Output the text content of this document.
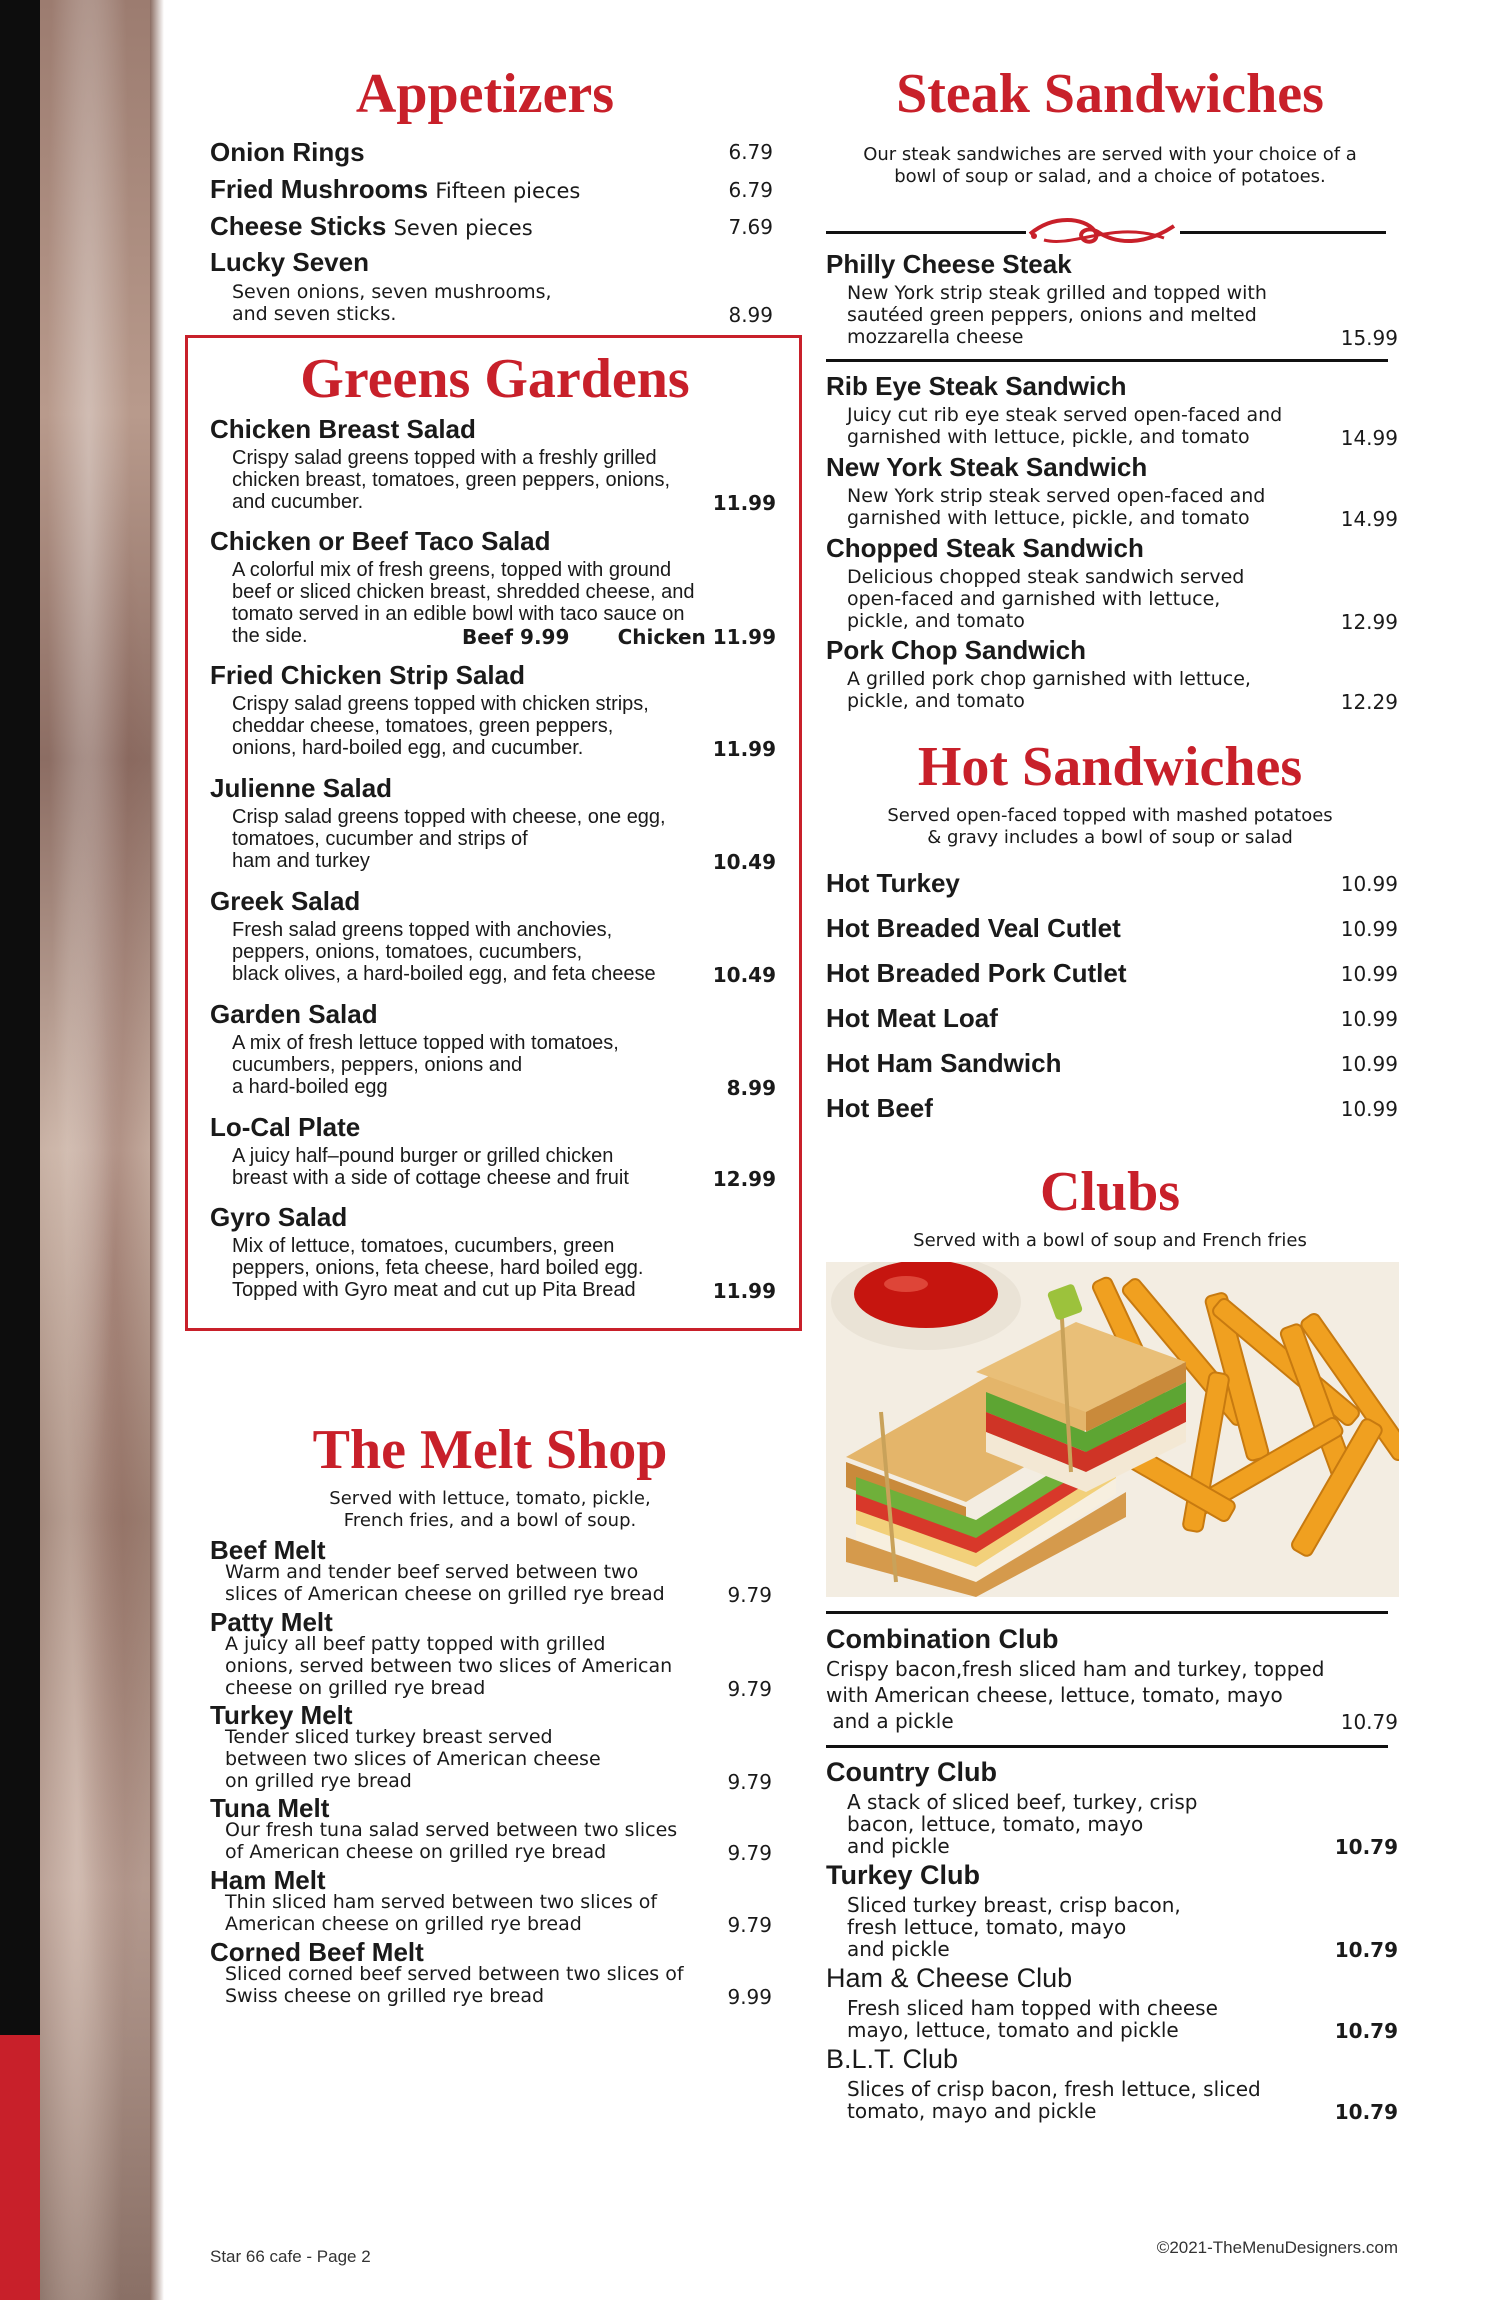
Appetizers
Onion Rings	6.79
Fried Mushrooms Fifteen pieces	6.79
Cheese Sticks Seven pieces	7.69
Lucky Seven
Seven onions, seven mushrooms,
and seven sticks.	8.99
Greens Gardens
Chicken Breast Salad
Crispy salad greens topped with a freshly grilled
chicken breast, tomatoes, green peppers, onions,
and cucumber.	11.99
Chicken or Beef Taco Salad
A colorful mix of fresh greens, topped with ground
beef or sliced chicken breast, shredded cheese, and
tomato served in an edible bowl with taco sauce on
the side.	Beef 9.99 Chicken 11.99
Fried Chicken Strip Salad
Crispy salad greens topped with chicken strips,
cheddar cheese, tomatoes, green peppers,
onions, hard-boiled egg, and cucumber.	11.99
Julienne Salad
Crisp salad greens topped with cheese, one egg,
tomatoes, cucumber and strips of
ham and turkey	10.49
Greek Salad
Fresh salad greens topped with anchovies,
peppers, onions, tomatoes, cucumbers,
black olives, a hard-boiled egg, and feta cheese	10.49
Garden Salad
A mix of fresh lettuce topped with tomatoes,
cucumbers, peppers, onions and
a hard-boiled egg	8.99
Lo-Cal Plate
A juicy half–pound burger or grilled chicken
breast with a side of cottage cheese and fruit	12.99
Gyro Salad
Mix of lettuce, tomatoes, cucumbers, green
peppers, onions, feta cheese, hard boiled egg.
Topped with Gyro meat and cut up Pita Bread	11.99
The Melt Shop
Served with lettuce, tomato, pickle,
French fries, and a bowl of soup.
Beef Melt
Warm and tender beef served between two
slices of American cheese on grilled rye bread	9.79
Patty Melt
A juicy all beef patty topped with grilled
onions, served between two slices of American
cheese on grilled rye bread	9.79
Turkey Melt
Tender sliced turkey breast served
between two slices of American cheese
on grilled rye bread	9.79
Tuna Melt
Our fresh tuna salad served between two slices
of American cheese on grilled rye bread	9.79
Ham Melt
Thin sliced ham served between two slices of
American cheese on grilled rye bread	9.79
Corned Beef Melt
Sliced corned beef served between two slices of
Swiss cheese on grilled rye bread	9.99
Steak Sandwiches
Our steak sandwiches are served with your choice of a
bowl of soup or salad, and a choice of potatoes.
Philly Cheese Steak
New York strip steak grilled and topped with
sautéed green peppers, onions and melted
mozzarella cheese	15.99
Rib Eye Steak Sandwich
Juicy cut rib eye steak served open-faced and
garnished with lettuce, pickle, and tomato	14.99
New York Steak Sandwich
New York strip steak served open-faced and
garnished with lettuce, pickle, and tomato	14.99
Chopped Steak Sandwich
Delicious chopped steak sandwich served
open-faced and garnished with lettuce,
pickle, and tomato	12.99
Pork Chop Sandwich
A grilled pork chop garnished with lettuce,
pickle, and tomato	12.29
Hot Sandwiches
Served open-faced topped with mashed potatoes
& gravy includes a bowl of soup or salad
Hot Turkey	10.99
Hot Breaded Veal Cutlet	10.99
Hot Breaded Pork Cutlet	10.99
Hot Meat Loaf	10.99
Hot Ham Sandwich	10.99
Hot Beef	10.99
Clubs
Served with a bowl of soup and French fries
Combination Club
Crispy bacon,fresh sliced ham and turkey, topped
with American cheese, lettuce, tomato, mayo
and a pickle	10.79
Country Club
A stack of sliced beef, turkey, crisp
bacon, lettuce, tomato, mayo
and pickle	10.79
Turkey Club
Sliced turkey breast, crisp bacon,
fresh lettuce, tomato, mayo
and pickle	10.79
Ham & Cheese Club
Fresh sliced ham topped with cheese
mayo, lettuce, tomato and pickle	10.79
B.L.T. Club
Slices of crisp bacon, fresh lettuce, sliced
tomato, mayo and pickle	10.79
Star 66 cafe - Page 2	©2021-TheMenuDesigners.com
